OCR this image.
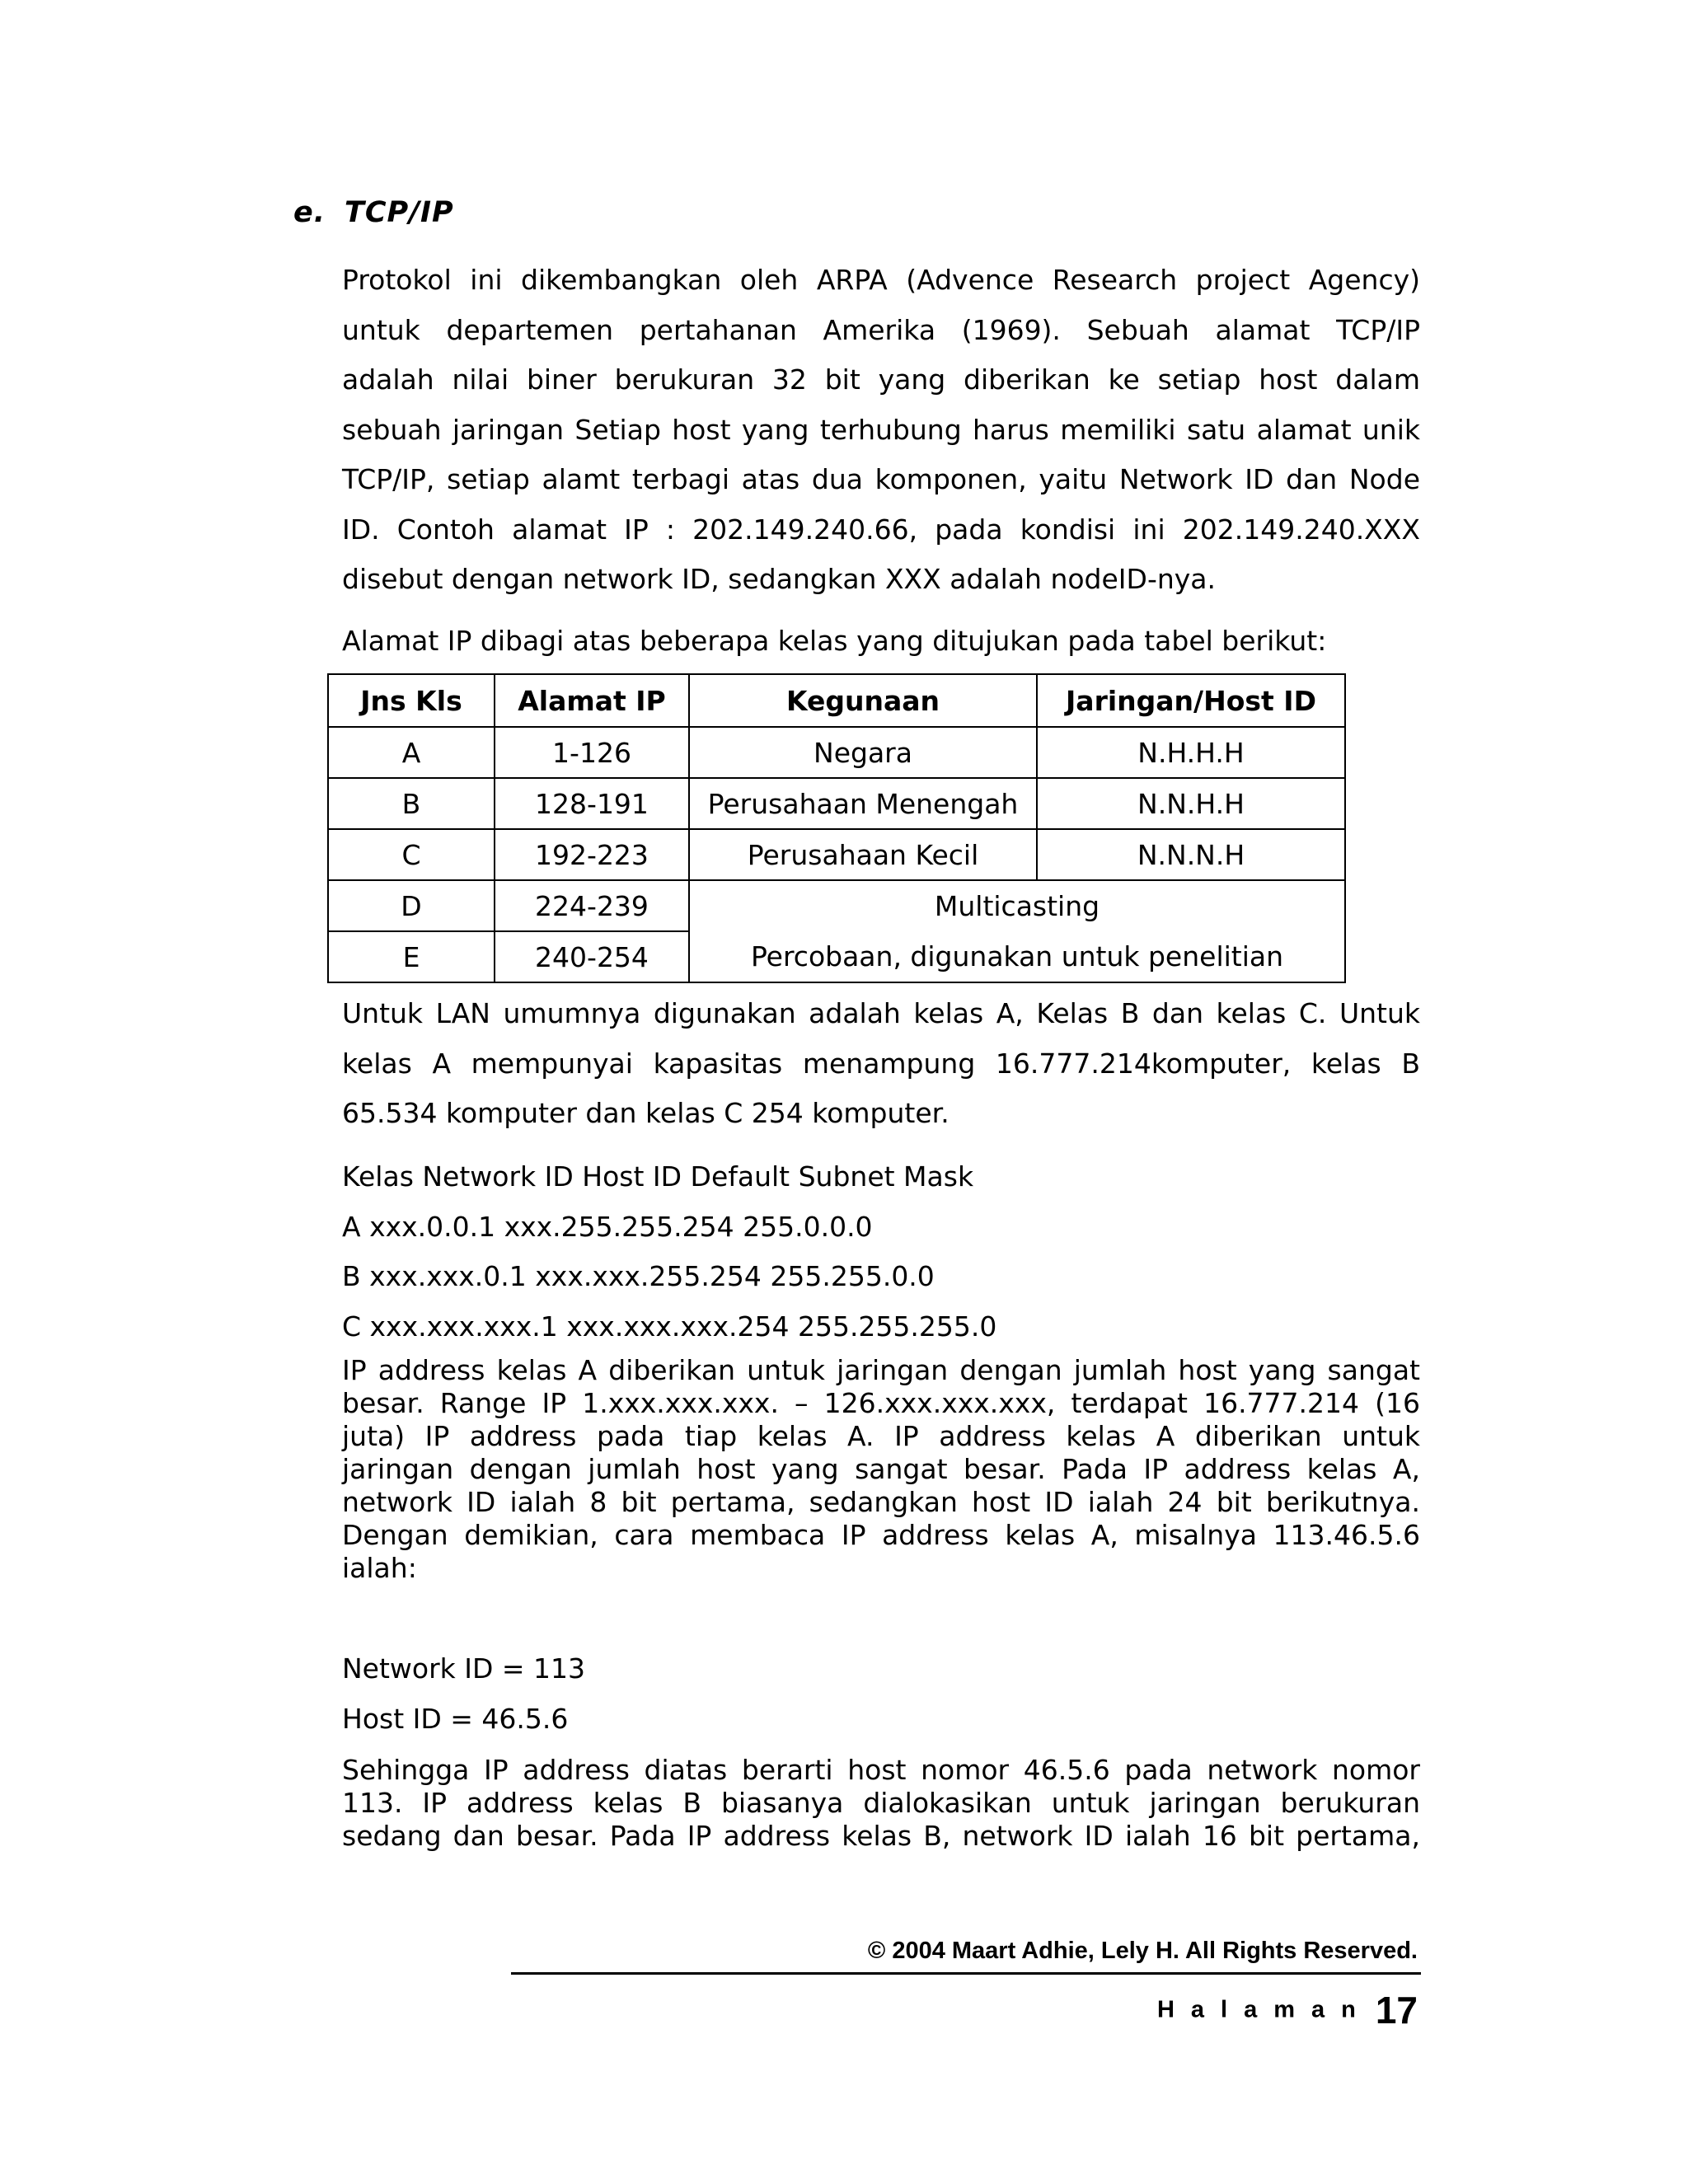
e. TCP/IP
Protokol ini dikembangkan oleh ARPA (Advence Research project Agency)
untuk departemen pertahanan Amerika (1969). Sebuah alamat TCP/IP
adalah nilai biner berukuran 32 bit yang diberikan ke setiap host dalam
sebuah jaringan Setiap host yang terhubung harus memiliki satu alamat unik
TCP/IP, setiap alamt terbagi atas dua komponen, yaitu Network ID dan Node
ID. Contoh alamat IP : 202.149.240.66, pada kondisi ini 202.149.240.XXX
disebut dengan network ID, sedangkan XXX adalah nodeID-nya.
Alamat IP dibagi atas beberapa kelas yang ditujukan pada tabel berikut:
Jns Kls	Alamat IP	Kegunaan	Jaringan/Host ID
A	1-126	Negara	N.H.H.H
B	128-191	Perusahaan Menengah	N.N.H.H
C	192-223	Perusahaan Kecil	N.N.N.H
D	224-239	Multicasting	
E	240-254	Percobaan, digunakan untuk penelitian	
Untuk LAN umumnya digunakan adalah kelas A, Kelas B dan kelas C. Untuk
kelas A mempunyai kapasitas menampung 16.777.214komputer, kelas B
65.534 komputer dan kelas C 254 komputer.
Kelas Network ID Host ID Default Subnet Mask
A xxx.0.0.1 xxx.255.255.254 255.0.0.0
B xxx.xxx.0.1 xxx.xxx.255.254 255.255.0.0
C xxx.xxx.xxx.1 xxx.xxx.xxx.254 255.255.255.0
IP address kelas A diberikan untuk jaringan dengan jumlah host yang sangat
besar. Range IP 1.xxx.xxx.xxx. – 126.xxx.xxx.xxx, terdapat 16.777.214 (16
juta) IP address pada tiap kelas A. IP address kelas A diberikan untuk
jaringan dengan jumlah host yang sangat besar. Pada IP address kelas A,
network ID ialah 8 bit pertama, sedangkan host ID ialah 24 bit berikutnya.
Dengan demikian, cara membaca IP address kelas A, misalnya 113.46.5.6
ialah:
Network ID = 113
Host ID = 46.5.6
Sehingga IP address diatas berarti host nomor 46.5.6 pada network nomor
113. IP address kelas B biasanya dialokasikan untuk jaringan berukuran
sedang dan besar. Pada IP address kelas B, network ID ialah 16 bit pertama,
© 2004 Maart Adhie, Lely H. All Rights Reserved.
Halaman17
